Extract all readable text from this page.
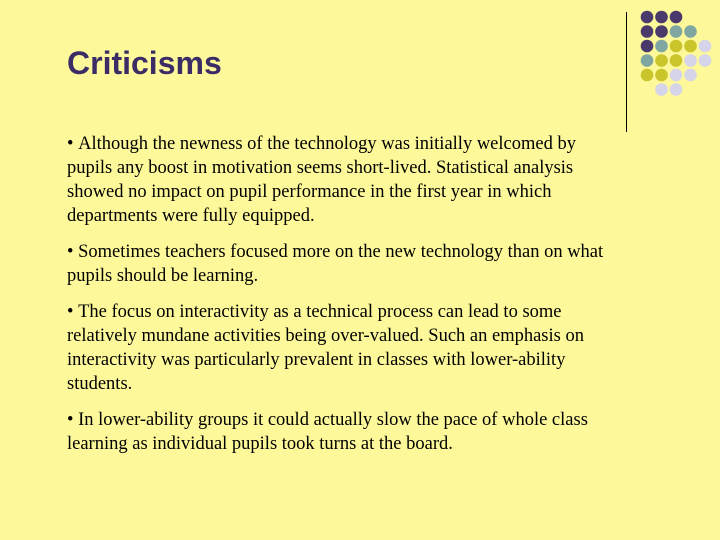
Criticisms

• Although the newness of the technology was initially welcomed by pupils any boost in motivation seems short-lived. Statistical analysis showed no impact on pupil performance in the first year in which departments were fully equipped.

• Sometimes teachers focused more on the new technology than on what pupils should be learning.

• The focus on interactivity as a technical process can lead to some relatively mundane activities being over-valued. Such an emphasis on interactivity was particularly prevalent in classes with lower-ability students.

• In lower-ability groups it could actually slow the pace of whole class learning as individual pupils took turns at the board.
